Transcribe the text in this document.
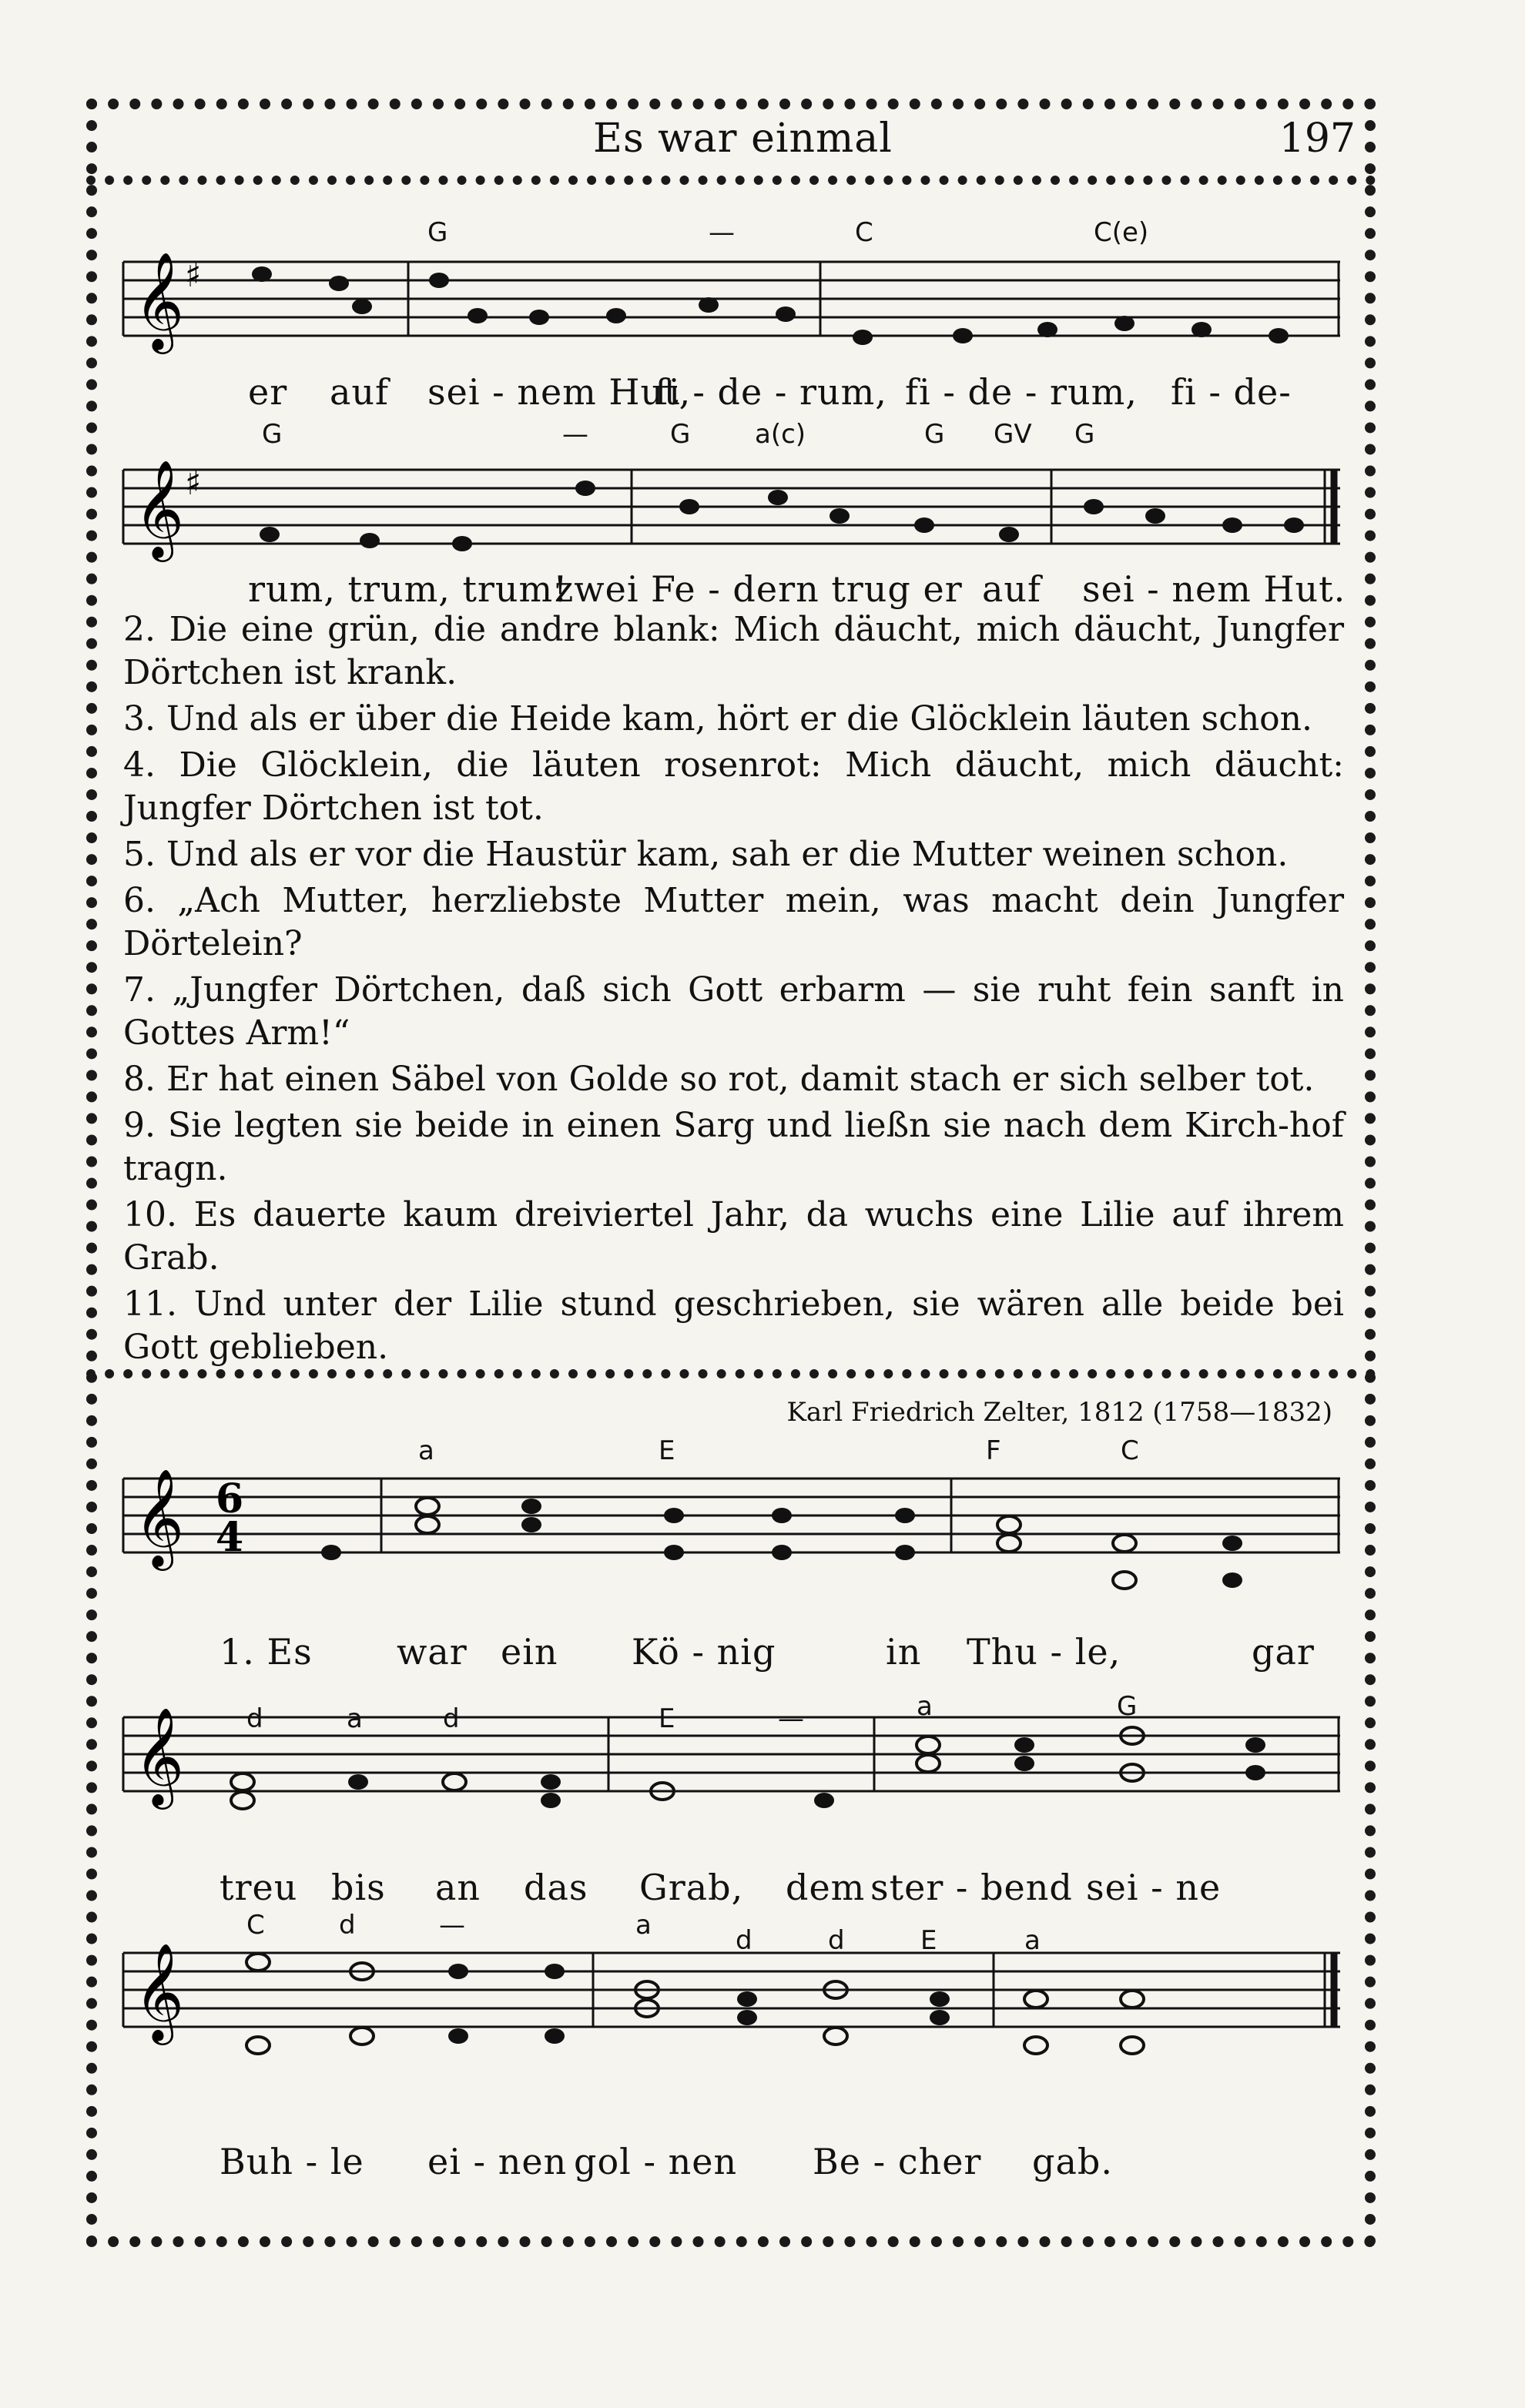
Es war einmal	197
𝄞 ♯
G	—	C	C(e)
er auf sei - nem Hut,
fi - de - rum, fi - de - rum, fi - de-
𝄞 ♯
G	—	G a(c)	G GV G
rum, trum, trum!
zwei Fe - dern trug er auf sei - nem Hut.

2. Die eine grün, die andre blank: Mich däucht, mich däucht, Jungfer Dörtchen ist krank.

3. Und als er über die Heide kam, hört er die Glöcklein läuten schon.

4. Die Glöcklein, die läuten rosenrot: Mich däucht, mich däucht: Jungfer Dörtchen ist tot.

5. Und als er vor die Haustür kam, sah er die Mutter weinen schon.

6. „Ach Mutter, herzliebste Mutter mein, was macht dein Jungfer Dörtelein?

7. „Jungfer Dörtchen, daß sich Gott erbarm — sie ruht fein sanft in Gottes Arm!“

8. Er hat einen Säbel von Golde so rot, damit stach er sich selber tot.

9. Sie legten sie beide in einen Sarg und ließn sie nach dem Kirch-hof tragn.

10. Es dauerte kaum dreiviertel Jahr, da wuchs eine Lilie auf ihrem Grab.

11. Und unter der Lilie stund geschrieben, sie wären alle beide bei Gott geblieben.

Karl Friedrich Zelter, 1812 (1758—1832)
𝄞 6
4
a	E	F	C
1. Es war ein Kö - nig	in Thu - le,	gar
𝄞 d	a	d	E	—	a	G
treu bis an das Grab, dem ster - bend sei - ne
𝄞
C	d	—	a	d	d	E	a
Buh - le ei - nen gol - nen Be - cher gab.
